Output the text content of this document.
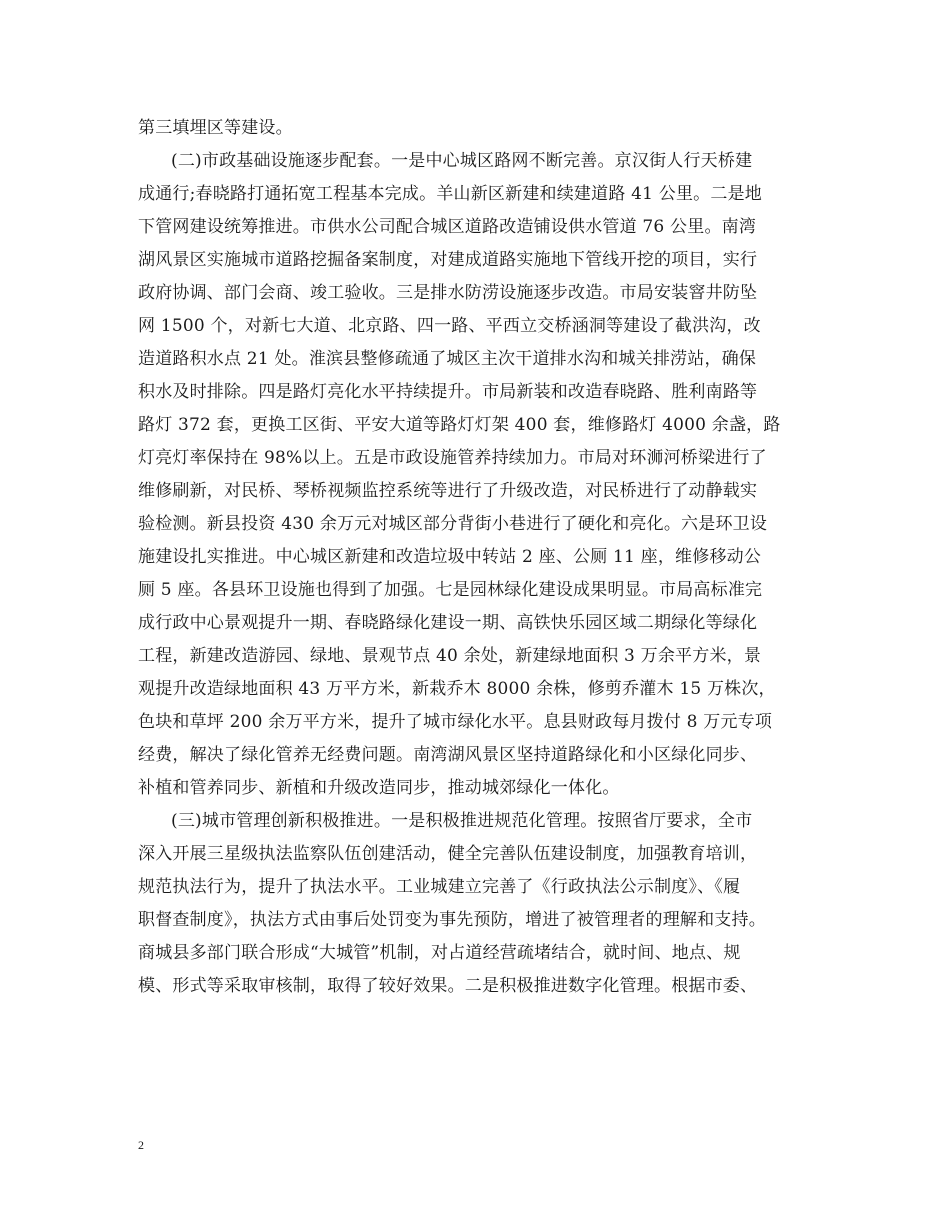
第三填埋区等建设。
(二)市政基础设施逐步配套。一是中心城区路网不断完善。京汉街人行天桥建
成通行;春晓路打通拓宽工程基本完成。羊山新区新建和续建道路 41 公里。二是地
下管网建设统筹推进。市供水公司配合城区道路改造铺设供水管道 76 公里。南湾
湖风景区实施城市道路挖掘备案制度，对建成道路实施地下管线开挖的项目，实行
政府协调、部门会商、竣工验收。三是排水防涝设施逐步改造。市局安装窨井防坠
网 1500 个，对新七大道、北京路、四一路、平西立交桥涵洞等建设了截洪沟，改
造道路积水点 21 处。淮滨县整修疏通了城区主次干道排水沟和城关排涝站，确保
积水及时排除。四是路灯亮化水平持续提升。市局新装和改造春晓路、胜利南路等
路灯 372 套，更换工区街、平安大道等路灯灯架 400 套，维修路灯 4000 余盏，路
灯亮灯率保持在 98%以上。五是市政设施管养持续加力。市局对环浉河桥梁进行了
维修刷新，对民桥、琴桥视频监控系统等进行了升级改造，对民桥进行了动静载实
验检测。新县投资 430 余万元对城区部分背街小巷进行了硬化和亮化。六是环卫设
施建设扎实推进。中心城区新建和改造垃圾中转站 2 座、公厕 11 座，维修移动公
厕 5 座。各县环卫设施也得到了加强。七是园林绿化建设成果明显。市局高标准完
成行政中心景观提升一期、春晓路绿化建设一期、高铁快乐园区域二期绿化等绿化
工程，新建改造游园、绿地、景观节点 40 余处，新建绿地面积 3 万余平方米，景
观提升改造绿地面积 43 万平方米，新栽乔木 8000 余株，修剪乔灌木 15 万株次，
色块和草坪 200 余万平方米，提升了城市绿化水平。息县财政每月拨付 8 万元专项
经费，解决了绿化管养无经费问题。南湾湖风景区坚持道路绿化和小区绿化同步、
补植和管养同步、新植和升级改造同步，推动城郊绿化一体化。
(三)城市管理创新积极推进。一是积极推进规范化管理。按照省厅要求，全市
深入开展三星级执法监察队伍创建活动，健全完善队伍建设制度，加强教育培训，
规范执法行为，提升了执法水平。工业城建立完善了《行政执法公示制度》、《履
职督查制度》，执法方式由事后处罚变为事先预防，增进了被管理者的理解和支持。
商城县多部门联合形成“大城管”机制，对占道经营疏堵结合，就时间、地点、规
模、形式等采取审核制，取得了较好效果。二是积极推进数字化管理。根据市委、
2
